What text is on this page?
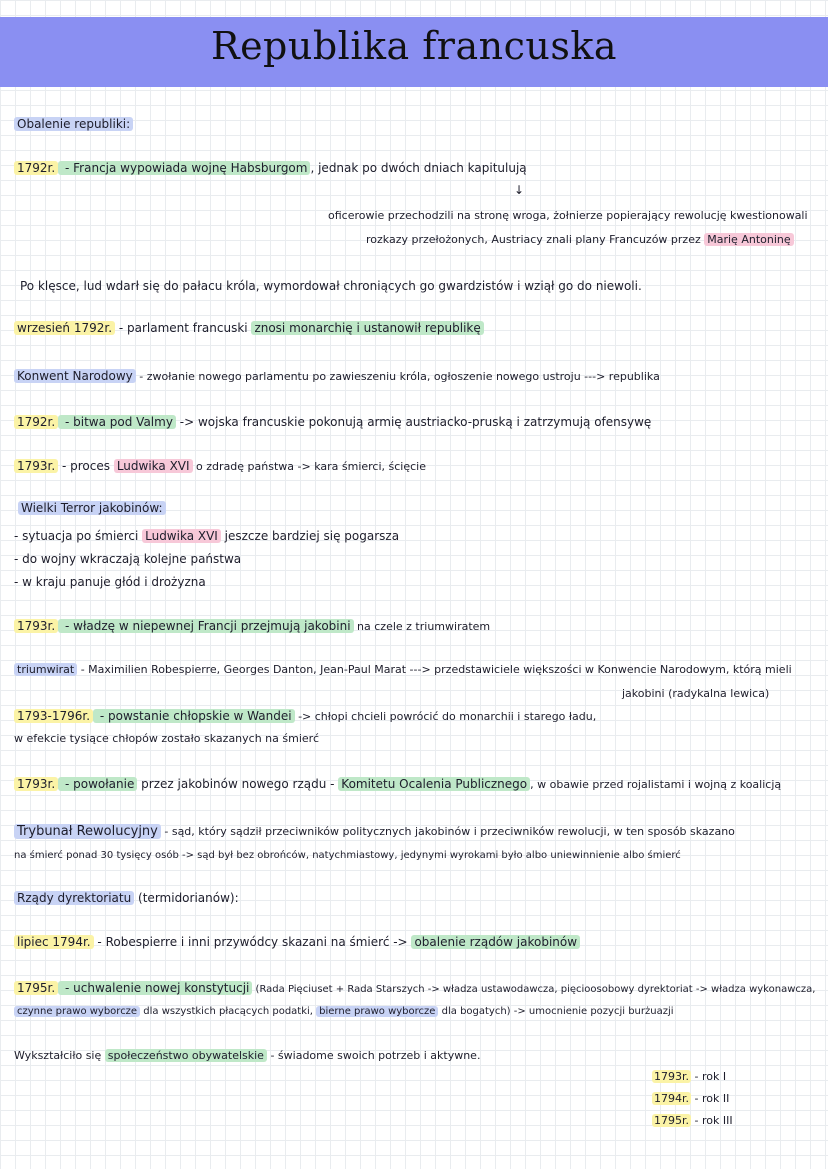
Republika francuska
Obalenie republiki:
1792r. - Francja wypowiada wojnę Habsburgom , jednak po dwóch dniach kapitulują
↓
oficerowie przechodzili na stronę wroga, żołnierze popierający rewolucję kwestionowali
rozkazy przełożonych, Austriacy znali plany Francuzów przez Marię Antoninę
Po klęsce, lud wdarł się do pałacu króla, wymordował chroniących go gwardzistów i wziął go do niewoli.
wrzesień 1792r. - parlament francuski znosi monarchię i ustanowił republikę
Konwent Narodowy - zwołanie nowego parlamentu po zawieszeniu króla, ogłoszenie nowego ustroju ---> republika
1792r. - bitwa pod Valmy -> wojska francuskie pokonują armię austriacko-pruską i zatrzymują ofensywę
1793r. - proces Ludwika XVI o zdradę państwa -> kara śmierci, ścięcie
Wielki Terror jakobinów:
- sytuacja po śmierci Ludwika XVI jeszcze bardziej się pogarsza
- do wojny wkraczają kolejne państwa
- w kraju panuje głód i drożyzna
1793r. - władzę w niepewnej Francji przejmują jakobini na czele z triumwiratem
triumwirat - Maximilien Robespierre, Georges Danton, Jean-Paul Marat ---> przedstawiciele większości w Konwencie Narodowym, którą mieli
jakobini (radykalna lewica)
1793-1796r. - powstanie chłopskie w Wandei -> chłopi chcieli powrócić do monarchii i starego ładu,
w efekcie tysiące chłopów zostało skazanych na śmierć
1793r. - powołanie przez jakobinów nowego rządu - Komitetu Ocalenia Publicznego , w obawie przed rojalistami i wojną z koalicją
Trybunał Rewolucyjny - sąd, który sądził przeciwników politycznych jakobinów i przeciwników rewolucji, w ten sposób skazano
na śmierć ponad 30 tysięcy osób -> sąd był bez obrońców, natychmiastowy, jedynymi wyrokami było albo uniewinnienie albo śmierć
Rządy dyrektoriatu (termidorianów):
lipiec 1794r. - Robespierre i inni przywódcy skazani na śmierć -> obalenie rządów jakobinów
1795r. - uchwalenie nowej konstytucji (Rada Pięciuset + Rada Starszych -> władza ustawodawcza, pięcioosobowy dyrektoriat -> władza wykonawcza,
czynne prawo wyborcze dla wszystkich płacących podatki, bierne prawo wyborcze dla bogatych) -> umocnienie pozycji burżuazji
Wykształciło się społeczeństwo obywatelskie - świadome swoich potrzeb i aktywne.
1793r. - rok I
1794r. - rok II
1795r. - rok III
